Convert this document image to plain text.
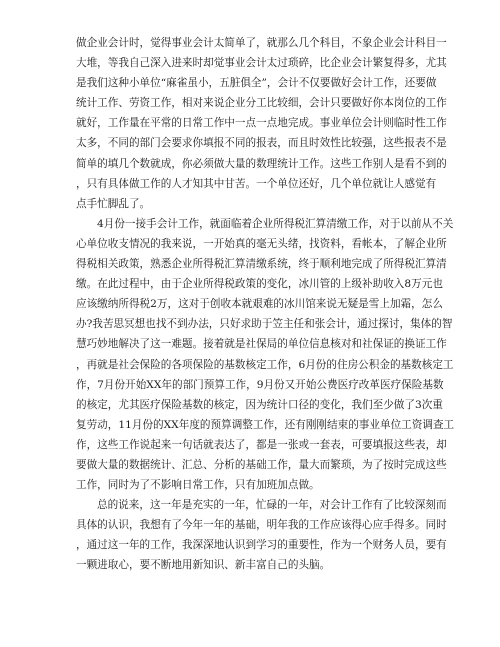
做企业会计时，觉得事业会计太简单了，就那么几个科目，不象企业会计科目一
大堆，等我自己深入进来时却觉事业会计太过琐碎，比企业会计繁复得多，尤其
是我们这种小单位“麻雀虽小，五脏俱全”，会计不仅要做好会计工作，还要做
统计工作、劳资工作，相对来说企业分工比较细，会计只要做好你本岗位的工作
就好，工作量在平常的日常工作中一点一点地完成。事业单位会计则临时性工作
太多，不同的部门会要求你填报不同的报表，而且时效性比较强，这些报表不是
简单的填几个数就成，你必须做大量的数理统计工作。这些工作别人是看不到的
，只有具体做工作的人才知其中甘苦。一个单位还好，几个单位就让人感觉有
点手忙脚乱了。
4月份一接手会计工作，就面临着企业所得税汇算清缴工作，对于以前从不关
心单位收支情况的我来说，一开始真的毫无头绪，找资料，看帐本，了解企业所
得税相关政策，熟悉企业所得税汇算清缴系统，终于顺利地完成了所得税汇算清
缴。在此过程中，由于企业所得税政策的变化，冰川管的上级补助收入8万元也
应该缴纳所得税2万，这对于创收本就艰难的冰川馆来说无疑是雪上加霜，怎么
办?我苦思冥想也找不到办法，只好求助于笠主任和张会计，通过探讨，集体的智
慧巧妙地解决了这一难题。接着就是社保局的单位信息核对和社保证的换证工作
，再就是社会保险的各项保险的基数核定工作，6月份的住房公积金的基数核定工
作，7月份开始XX年的部门预算工作，9月份又开始公费医疗改革医疗保险基数
的核定，尤其医疗保险基数的核定，因为统计口径的变化，我们至少做了3次重
复劳动，11月份的XX年度的预算调整工作，还有刚刚结束的事业单位工资调查工
作，这些工作说起来一句话就表达了，都是一张或一套表，可要填报这些表，却
要做大量的数据统计、汇总、分析的基础工作，量大而繁琐，为了按时完成这些
工作，同时为了不影响日常工作，只有加班加点做。
总的说来，这一年是充实的一年，忙碌的一年，对会计工作有了比较深刻而
具体的认识，我想有了今年一年的基础，明年我的工作应该得心应手得多。同时
，通过这一年的工作，我深深地认识到学习的重要性，作为一个财务人员，要有
一颗进取心，要不断地用新知识、新丰富自己的头脑。
